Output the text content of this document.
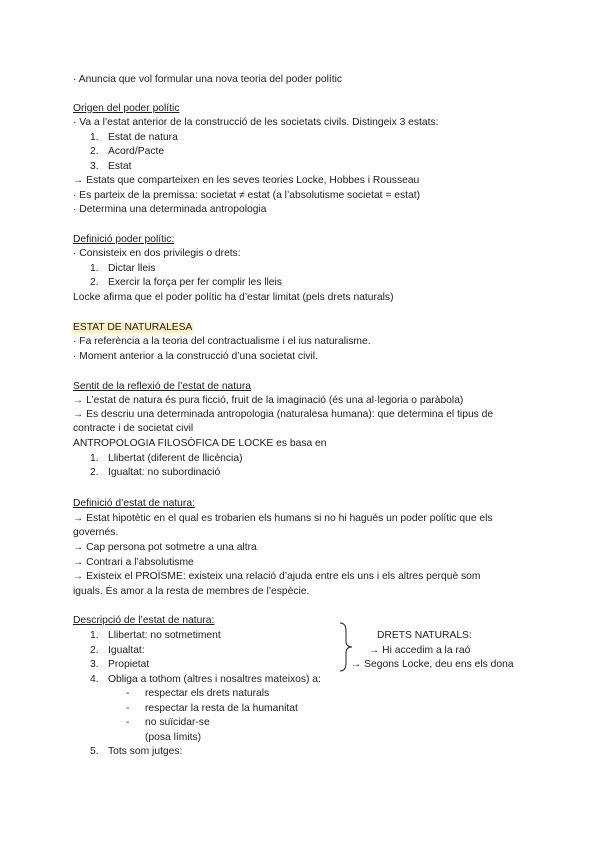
· Anuncia que vol formular una nova teoria del poder polític
Origen del poder polític
· Va a l’estat anterior de la construcció de les societats civils. Distingeix 3 estats:
1. Estat de natura
2. Acord/Pacte
3. Estat
→ Estats que comparteixen en les seves teories Locke, Hobbes i Rousseau
· Es parteix de la premissa: societat ≠ estat (a l’absolutisme societat = estat)
· Determina una determinada antropologia
Definició poder polític:
· Consisteix en dos privilegis o drets:
1. Dictar lleis
2. Exercir la força per fer complir les lleis
Locke afirma que el poder polític ha d’estar limitat (pels drets naturals)
ESTAT DE NATURALESA
· Fa referència a la teoria del contractualisme i el ius naturalisme.
· Moment anterior a la construcció d’una societat civil.
Sentit de la reflexió de l’estat de natura
→ L’estat de natura és pura ficció, fruit de la imaginació (és una al·legoria o paràbola)
→ Es descriu una determinada antropologia (naturalesa humana): que determina el tipus de
contracte i de societat civil
ANTROPOLOGIA FILOSÒFICA DE LOCKE es basa en
1. Llibertat (diferent de llicència)
2. Igualtat: no subordinació
Definició d’estat de natura:
→ Estat hipotètic en el qual es trobarien els humans si no hi hagués un poder polític que els
governés.
→ Cap persona pot sotmetre a una altra
→ Contrari a l’absolutisme
→ Existeix el PROÏSME: existeix una relació d’ajuda entre els uns i els altres perquè som
iguals. És amor a la resta de membres de l’espècie.
Descripció de l’estat de natura:
1. Llibertat: no sotmetiment
2. Igualtat:
3. Propietat
4. Obliga a tothom (altres i nosaltres mateixos) a:
- respectar els drets naturals
- respectar la resta de la humanitat
- no suïcidar-se
(posa límits)
5. Tots som jutges:
DRETS NATURALS:
→ Hi accedim a la raó
→ Segons Locke, deu ens els dona
